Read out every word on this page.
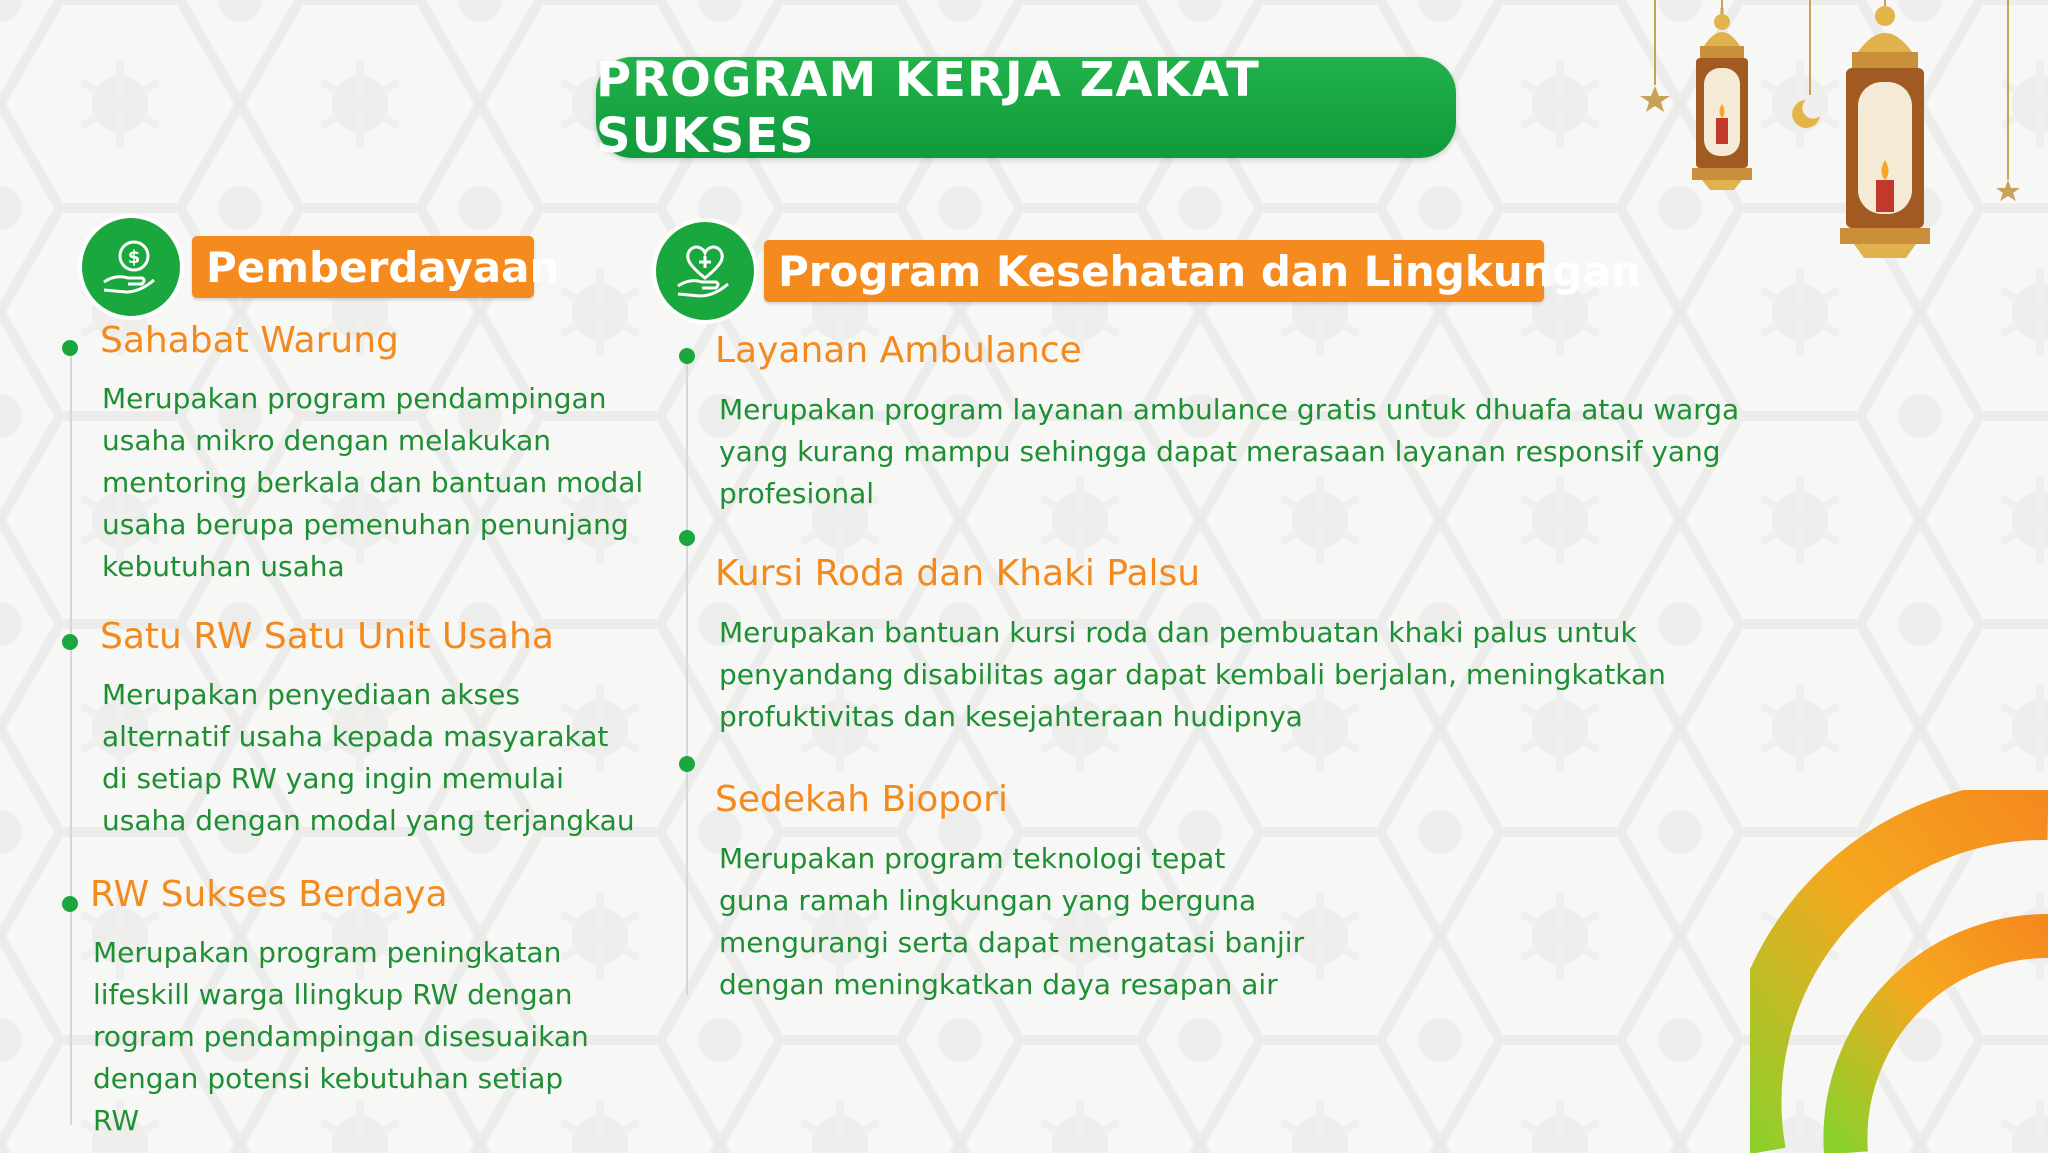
PROGRAM KERJA ZAKAT SUKSES
$	Pemberdayaan
Sahabat Warung
Merupakan program pendampingan
usaha mikro dengan melakukan
mentoring berkala dan bantuan modal
usaha berupa pemenuhan penunjang
kebutuhan usaha
Satu RW Satu Unit Usaha
Merupakan penyediaan akses
alternatif usaha kepada masyarakat
di setiap RW yang ingin memulai
usaha dengan modal yang terjangkau
RW Sukses Berdaya
Merupakan program peningkatan
lifeskill warga llingkup RW dengan
rogram pendampingan disesuaikan
dengan potensi kebutuhan setiap
RW
Program Kesehatan dan Lingkungan
Layanan Ambulance
Merupakan program layanan ambulance gratis untuk dhuafa atau warga
yang kurang mampu sehingga dapat merasaan layanan responsif yang
profesional
Kursi Roda dan Khaki Palsu
Merupakan bantuan kursi roda dan pembuatan khaki palus untuk
penyandang disabilitas agar dapat kembali berjalan, meningkatkan
profuktivitas dan kesejahteraan hudipnya
Sedekah Biopori
Merupakan program teknologi tepat
guna ramah lingkungan yang berguna
mengurangi serta dapat mengatasi banjir
dengan meningkatkan daya resapan air
